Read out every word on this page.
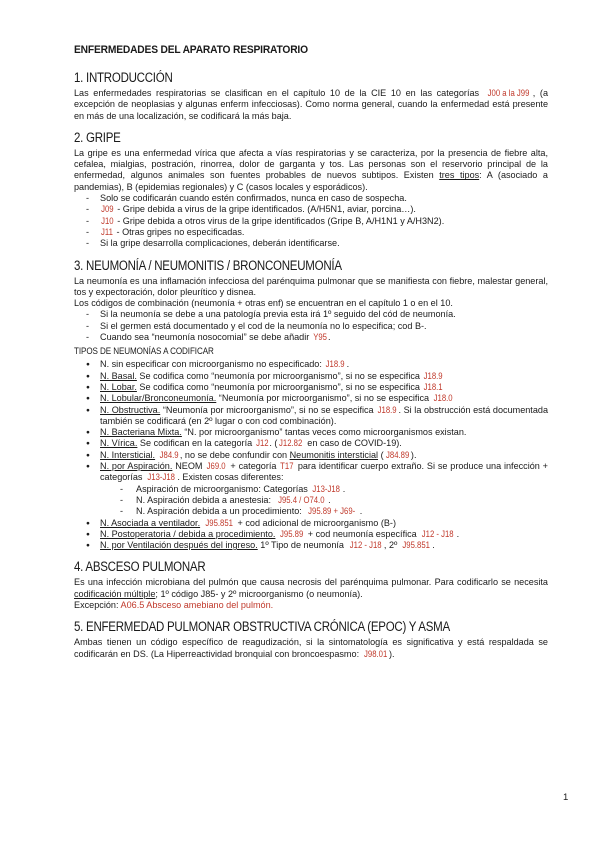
ENFERMEDADES DEL APARATO RESPIRATORIO
1. INTRODUCCIÓN

Las enfermedades respiratorias se clasifican en el capítulo 10 de la CIE 10 en las categorías J00 a la J99 , (a excepción de neoplasias y algunas enferm infecciosas). Como norma general, cuando la enfermedad está presente en más de una localización, se codificará la más baja.

2. GRIPE

La gripe es una enfermedad vírica que afecta a vías respiratorias y se caracteriza, por la presencia de fiebre alta, cefalea, mialgias, postración, rinorrea, dolor de garganta y tos. Las personas son el reservorio principal de la enfermedad, algunos animales son fuentes probables de nuevos subtipos. Existen tres tipos: A (asociado a pandemias), B (epidemias regionales) y C (casos locales y esporádicos).

- Solo se codificarán cuando estén confirmados, nunca en caso de sospecha.
- J09 - Gripe debida a virus de la gripe identificados. (A/H5N1, aviar, porcina…).
- J10 - Gripe debida a otros virus de la gripe identificados (Gripe B, A/H1N1 y A/H3N2).
- J11 - Otras gripes no especificadas.
- Si la gripe desarrolla complicaciones, deberán identificarse.
3. NEUMONÍA / NEUMONITIS / BRONCONEUMONÍA

La neumonía es una inflamación infecciosa del parénquima pulmonar que se manifiesta con fiebre, malestar general, tos y expectoración, dolor pleurítico y disnea.

Los códigos de combinación (neumonía + otras enf) se encuentran en el capítulo 1 o en el 10.

- Si la neumonía se debe a una patología previa esta irá 1º seguido del cód de neumonía.
- Si el germen está documentado y el cod de la neumonía no lo especifica; cod B-.
- Cuando sea “neumonía nosocomial” se debe añadir Y95.
TIPOS DE NEUMONÍAS A CODIFICAR
● N. sin especificar con microorganismo no especificado: J18.9 .
● N. Basal. Se codifica como “neumonía por microorganismo”, si no se especifica J18.9
● N. Lobar. Se codifica como “neumonía por microorganismo”, si no se especifica J18.1
● N. Lobular/Bronconeumonía. “Neumonía por microorganismo”, si no se especifica J18.0
● N. Obstructiva. “Neumonía por microorganismo”, si no se especifica J18.9 . Si la obstrucción está documentada también se codificará (en 2º lugar o con cod combinación).
● N. Bacteriana Mixta. “N. por microorganismo” tantas veces como microorganismos existan.
● N. Vírica. Se codifican en la categoría J12. ( J12.82 en caso de COVID-19).
● N. Intersticial. J84.9 , no se debe confundir con Neumonitis intersticial ( J84.89 ).
● N. por Aspiración. NEOM J69.0 + categoría T17 para identificar cuerpo extraño. Si se produce una infección + categorías J13-J18 . Existen cosas diferentes:
- Aspiración de microorganismo: Categorías J13-J18 .
- N. Aspiración debida a anestesia: J95.4 / O74.0 .
- N. Aspiración debida a un procedimiento: J95.89 + J69- .
● N. Asociada a ventilador. J95.851 + cod adicional de microorganismo (B-)
● N. Postoperatoria / debida a procedimiento. J95.89 + cod neumonía específica J12 - J18 .
● N. por Ventilación después del ingreso. 1º Tipo de neumonía J12 - J18 , 2º J95.851 .
4. ABSCESO PULMONAR

Es una infección microbiana del pulmón que causa necrosis del parénquima pulmonar. Para codificarlo se necesita codificación múltiple; 1º código J85- y 2º microorganismo (o neumonía).

Excepción: A06.5 Absceso amebiano del pulmón.

5. ENFERMEDAD PULMONAR OBSTRUCTIVA CRÓNICA (EPOC) Y ASMA

Ambas tienen un código específico de reagudización, si la sintomatología es significativa y está respaldada se codificarán en DS. (La Hiperreactividad bronquial con broncoespasmo: J98.01 ).

1
